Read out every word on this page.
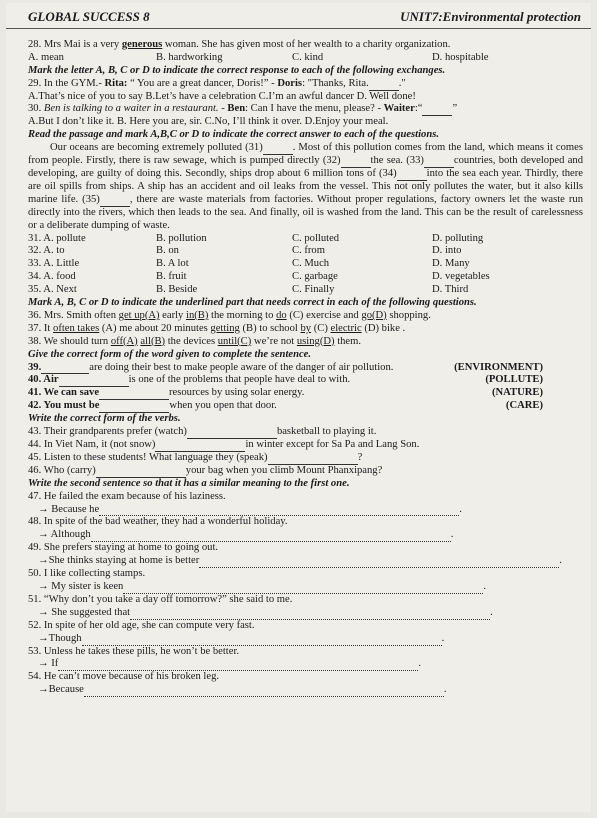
GLOBAL SUCCESS 8	UNIT7:Environmental protection
28. Mrs Mai is a very generous woman. She has given most of her wealth to a charity organization.
A. mean	B. hardworking	C. kind	D. hospitable
Mark the letter A, B, C or D to indicate the correct response to each of the following exchanges.
29. In the GYM.- Rita: “ You are a great dancer, Doris!” - Doris: "Thanks, Rita.	."
A.That’s nice of you to say B.Let’s have a celebration C.I’m an awful dancer D. Well done!
30. Ben is talking to a waiter in a restaurant. - Ben: Can I have the menu, please? - Waiter:“	”
A.But I don’t like it. B. Here you are, sir. C.No, I’ll think it over. D.Enjoy your meal.
Read the passage and mark A,B,C or D to indicate the correct answer to each of the questions.
Our oceans are becoming extremely polluted (31)	. Most of this pollution comes from the land, which means it comes from people. Firstly, there is raw sewage, which is pumped directly (32)	the sea. (33)	countries, both developed and developing, are guilty of doing this. Secondly, ships drop about 6 million tons of (34)	into the sea each year. Thirdly, there are oil spills from ships. A ship has an accident and oil leaks from the vessel. This not only pollutes the water, but it also kills marine life. (35)	, there are waste materials from factories. Without proper regulations, factory owners let the waste run directly into the rivers, which then leads to the sea. And finally, oil is washed from the land. This can be the result of carelessness or a deliberate dumping of waste.
31. A. pollute	B. pollution	C. polluted	D. polluting
32. A. to	B. on	C. from	D. into
33. A. Little	B. A lot	C. Much	D. Many
34. A. food	B. fruit	C. garbage	D. vegetables
35. A. Next	B. Beside	C. Finally	D. Third
Mark A, B, C or D to indicate the underlined part that needs correct in each of the following questions.
36. Mrs. Smith often get up(A) early in(B) the morning to do (C) exercise and go(D) shopping.
37. It often takes (A) me about 20 minutes getting (B) to school by (C) electric (D) bike .
38. We should turn off(A) all(B) the devices until(C) we’re not using(D) them.
Give the correct form of the word given to complete the sentence.
39.	are doing their best to make people aware of the danger of air pollution.	(ENVIRONMENT)
40. Air	is one of the problems that people have deal to with.	(POLLUTE)
41. We can save	resources by using solar energy.	(NATURE)
42. You must be	when you open that door.	(CARE)
Write the correct form of the verbs.
43. Their grandparents prefer (watch)	basketball to playing it.
44. In Viet Nam, it (not snow)	in winter except for Sa Pa and Lang Son.
45. Listen to these students! What language they (speak)	?
46. Who (carry)	your bag when you climb Mount Phanxipang?
Write the second sentence so that it has a similar meaning to the first one.
47. He failed the exam because of his laziness.
→ Because he	.
48. In spite of the bad weather, they had a wonderful holiday.
→ Although	.
49. She prefers staying at home to going out.
→She thinks staying at home is better	.
50. I like collecting stamps.
→ My sister is keen	.
51. “Why don’t you take a day off tomorrow?” she said to me.
→ She suggested that	.
52. In spite of her old age, she can compute very fast.
→Though	.
53. Unless he takes these pills, he won’t be better.
→ If	.
54. He can’t move because of his broken leg.
→Because	.
